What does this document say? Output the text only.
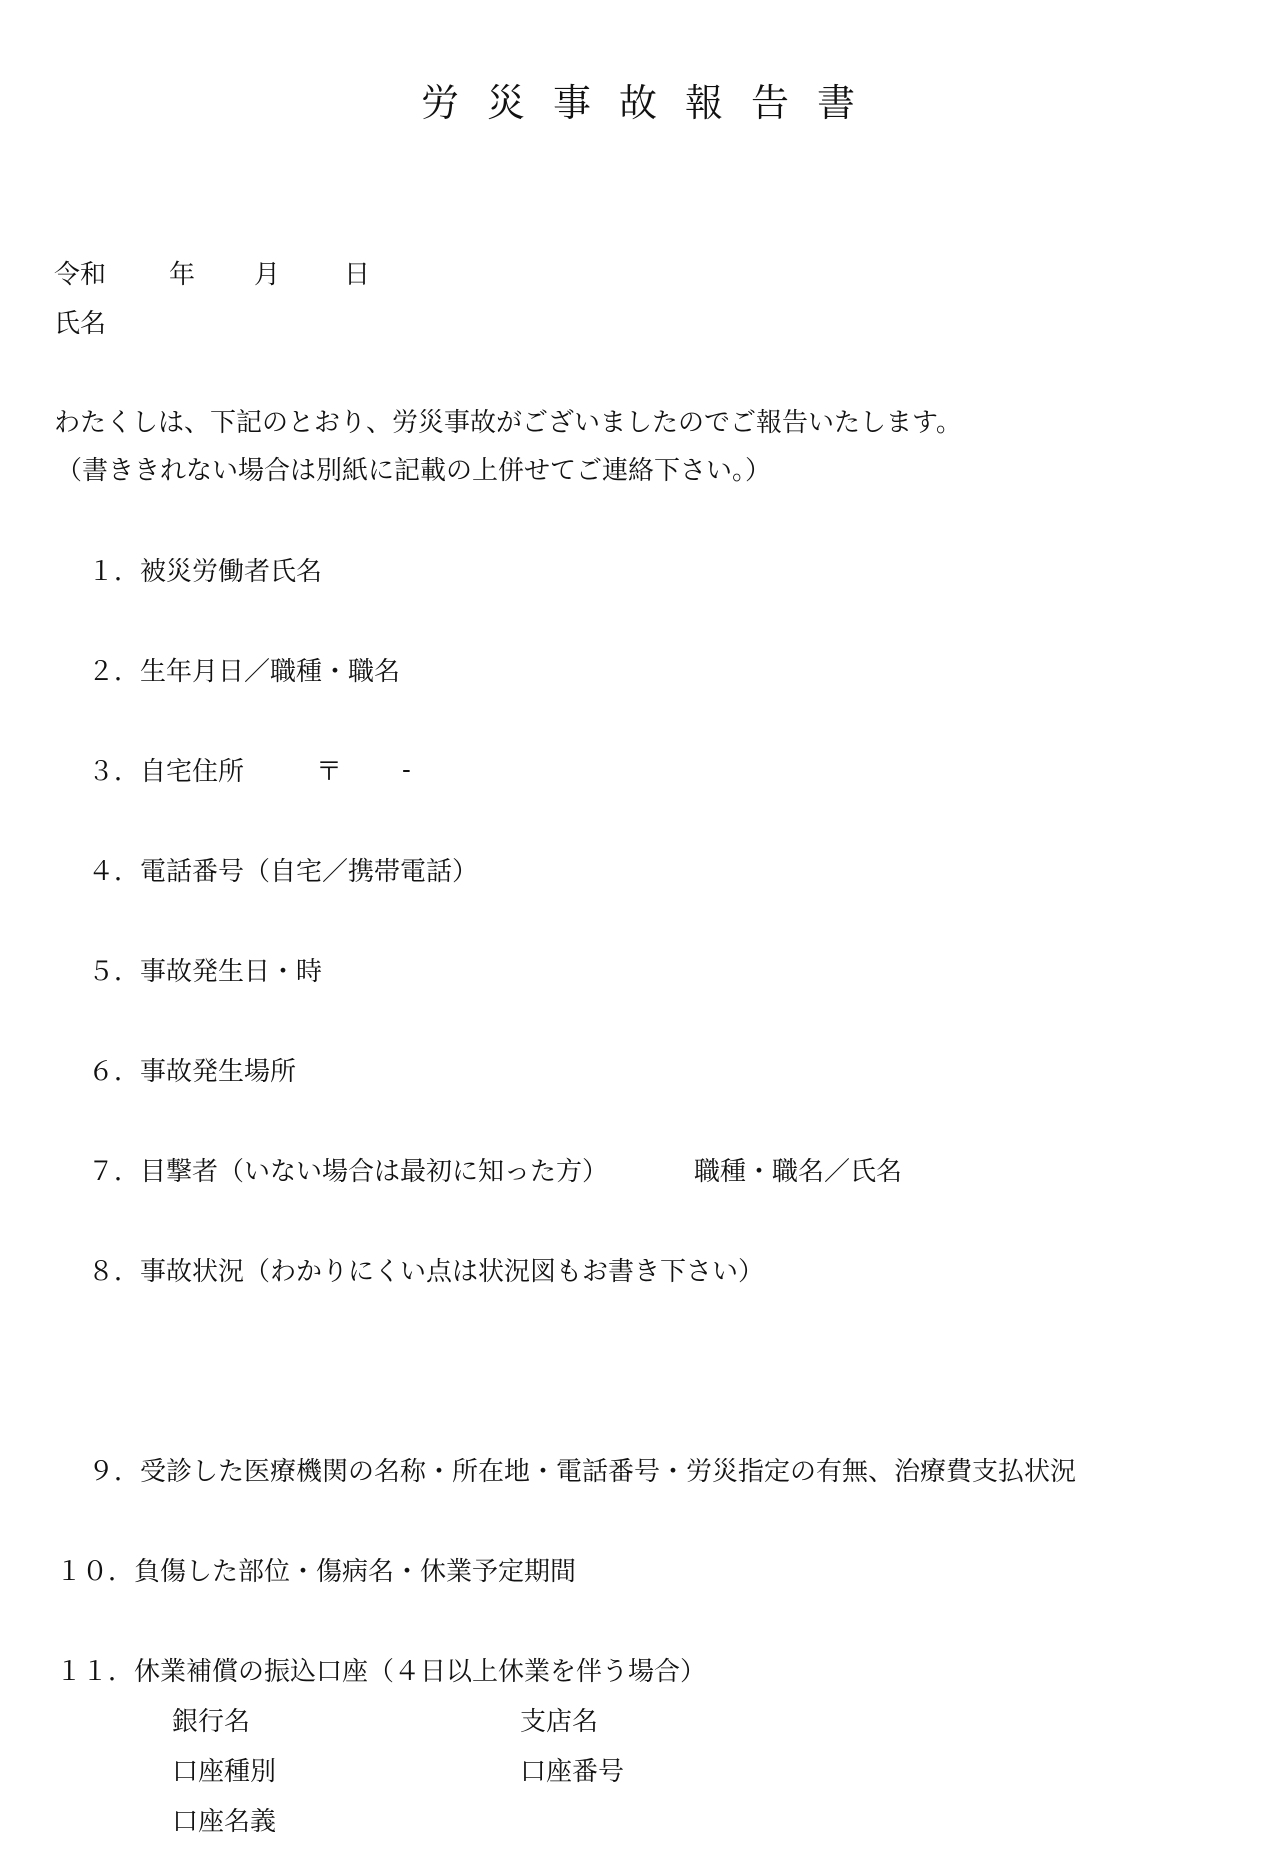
労災事故報告書
令和 年 月 日
氏名
わたくしは、下記のとおり、労災事故がございましたのでご報告いたします。
（書ききれない場合は別紙に記載の上併せてご連絡下さい。）
１．被災労働者氏名
２．生年月日／職種・職名
３．自宅住所	〒 -
４．電話番号（自宅／携帯電話）
５．事故発生日・時
６．事故発生場所
７．目撃者（いない場合は最初に知った方）	職種・職名／氏名
８．事故状況（わかりにくい点は状況図もお書き下さい）
９．受診した医療機関の名称・所在地・電話番号・労災指定の有無、治療費支払状況
１０．負傷した部位・傷病名・休業予定期間
１１．休業補償の振込口座（４日以上休業を伴う場合）
銀行名	支店名
口座種別	口座番号
口座名義
